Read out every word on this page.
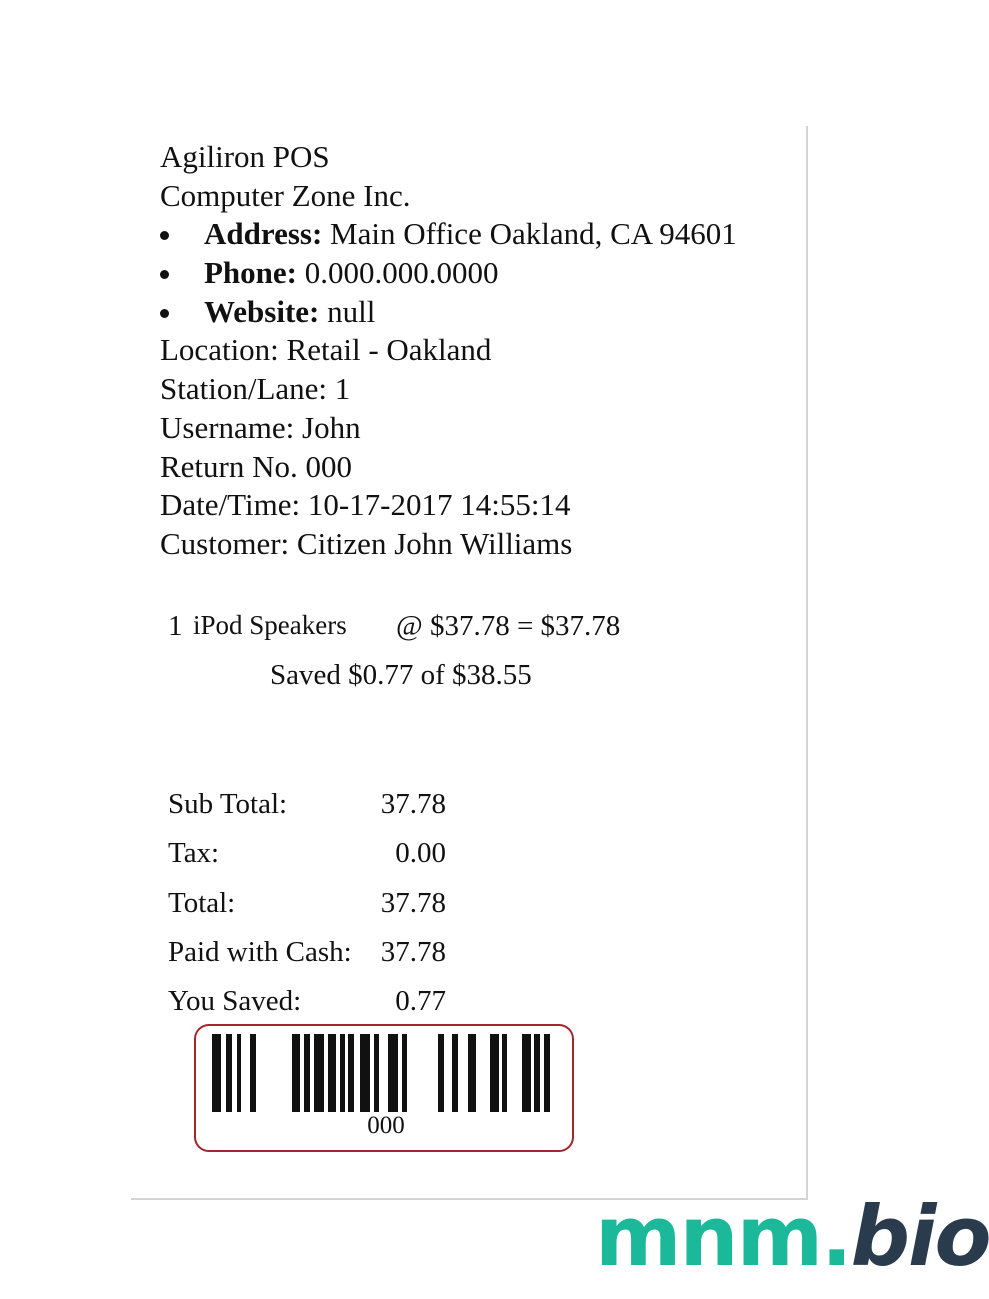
Agiliron POS
Computer Zone Inc.
Address: Main Office Oakland, CA 94601
Phone: 0.000.000.0000
Website: null
Location: Retail - Oakland
Station/Lane: 1
Username: John
Return No. 000
Date/Time: 10-17-2017 14:55:14
Customer: Citizen John Williams
1 iPod Speakers @ $37.78 = $37.78
Saved $0.77 of $38.55
Sub Total:	37.78
Tax:	0.00
Total:	37.78
Paid with Cash: 37.78
You Saved:	0.77
000
mnm.bio
